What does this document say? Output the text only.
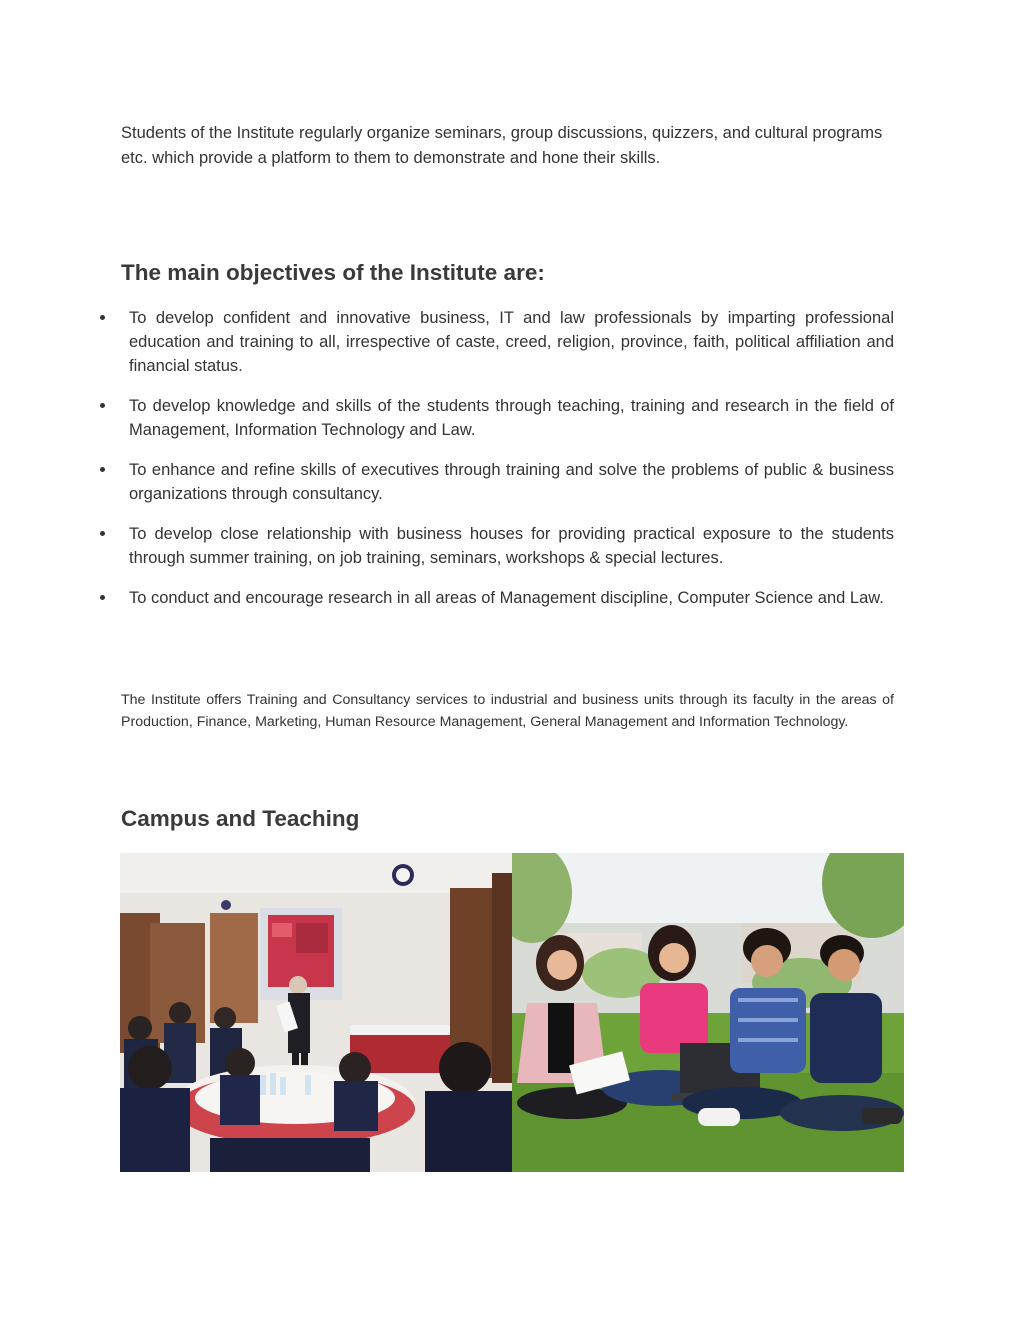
Students of the Institute regularly organize seminars, group discussions, quizzers, and cultural programs etc. which provide a platform to them to demonstrate and hone their skills.

The main objectives of the Institute are:
To develop confident and innovative business, IT and law professionals by imparting professional education and training to all, irrespective of caste, creed, religion, province, faith, political affiliation and financial status.
To develop knowledge and skills of the students through teaching, training and research in the field of Management, Information Technology and Law.
To enhance and refine skills of executives through training and solve the problems of public & business organizations through consultancy.
To develop close relationship with business houses for providing practical exposure to the students through summer training, on job training, seminars, workshops & special lectures.
To conduct and encourage research in all areas of Management discipline, Computer Science and Law.

The Institute offers Training and Consultancy services to industrial and business units through its faculty in the areas of Production, Finance, Marketing, Human Resource Management, General Management and Information Technology.

Campus and Teaching
